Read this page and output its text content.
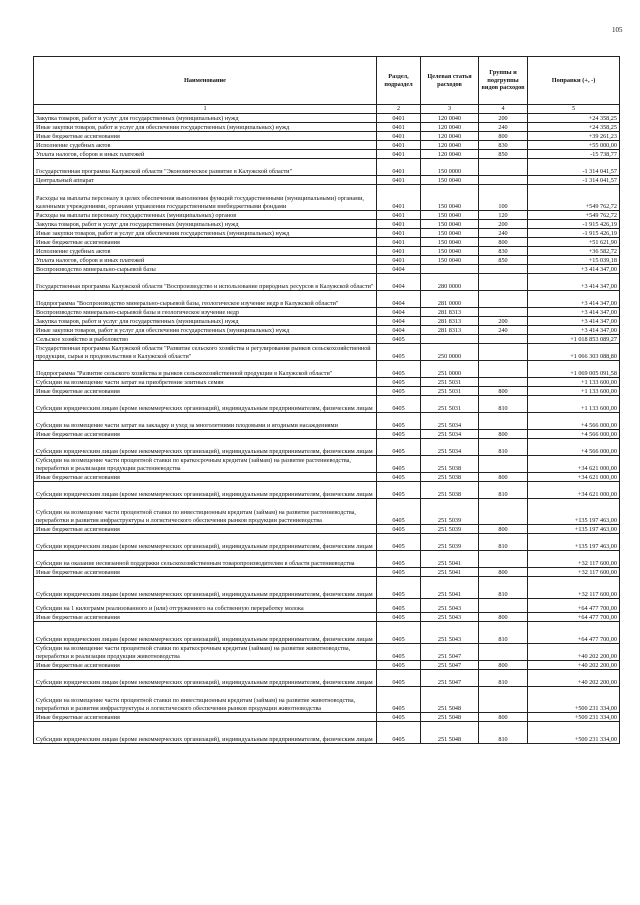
105
Наименование	Раздел, подраздел	Целевая статья расходов	Группы и подгруппы видов расходов	Поправки (+, -)
1	2	3	4	5
Закупка товаров, работ и услуг для государственных (муниципальных) нужд	0401	120 0040	200	+24 358,25
Иные закупки товаров, работ и услуг для обеспечения государственных (муниципальных) нужд	0401	120 0040	240	+24 358,25
Иные бюджетные ассигнования	0401	120 0040	800	+39 261,23
Исполнение судебных актов	0401	120 0040	830	+55 000,00
Уплата налогов, сборов и иных платежей	0401	120 0040	850	-15 738,77
Государственная программа Калужской области "Экономическое развитие в Калужской области"	0401	150 0000		-1 314 041,57
Центральный аппарат	0401	150 0040		-1 314 041,57
Расходы на выплаты персоналу в целях обеспечения выполнения функций государственными (муниципальными) органами, казенными учреждениями, органами управления государственными внебюджетными фондами	0401	150 0040	100	+549 762,72
Расходы на выплаты персоналу государственных (муниципальных) органов	0401	150 0040	120	+549 762,72
Закупка товаров, работ и услуг для государственных (муниципальных) нужд	0401	150 0040	200	-1 915 426,19
Иные закупки товаров, работ и услуг для обеспечения государственных (муниципальных) нужд	0401	150 0040	240	-1 915 426,19
Иные бюджетные ассигнования	0401	150 0040	800	+51 621,90
Исполнение судебных актов	0401	150 0040	830	+36 582,72
Уплата налогов, сборов и иных платежей	0401	150 0040	850	+15 039,18
Воспроизводство минерально-сырьевой базы	0404			+3 414 347,00
Государственная программа Калужской области "Воспроизводство и использование природных ресурсов в Калужской области"	0404	280 0000		+3 414 347,00
Подпрограмма "Воспроизводство минерально-сырьевой базы, геологическое изучение недр в Калужской области"	0404	281 0000		+3 414 347,00
Воспроизводство минерально-сырьевой базы и геологическое изучение недр	0404	281 8313		+3 414 347,00
Закупка товаров, работ и услуг для государственных (муниципальных) нужд	0404	281 8313	200	+3 414 347,00
Иные закупки товаров, работ и услуг для обеспечения государственных (муниципальных) нужд	0404	281 8313	240	+3 414 347,00
Сельское хозяйство и рыболовство	0405			+1 018 853 089,27
Государственная программа Калужской области "Развитие сельского хозяйства и регулирования рынков сельскохозяйственной продукции, сырья и продовольствия в Калужской области"	0405	250 0000		+1 066 303 088,80
Подпрограмма "Развитие сельского хозяйства и рынков сельскохозяйственной продукции в Калужской области"	0405	251 0000		+1 069 005 091,58
Субсидии на возмещение части затрат на приобретение элитных семян	0405	251 5031		+1 133 600,00
Иные бюджетные ассигнования	0405	251 5031	800	+1 133 600,00
Субсидии юридическим лицам (кроме некоммерческих организаций), индивидуальным предпринимателям, физическим лицам	0405	251 5031	810	+1 133 600,00
Субсидии на возмещение части затрат на закладку и уход за многолетними плодовыми и ягодными насаждениями	0405	251 5034		+4 566 000,00
Иные бюджетные ассигнования	0405	251 5034	800	+4 566 000,00
Субсидии юридическим лицам (кроме некоммерческих организаций), индивидуальным предпринимателям, физическим лицам	0405	251 5034	810	+4 566 000,00
Субсидии на возмещение части процентной ставки по краткосрочным кредитам (займам) на развитие растениеводства, переработки и реализации продукции растениеводства	0405	251 5038		+34 621 000,00
Иные бюджетные ассигнования	0405	251 5038	800	+34 621 000,00
Субсидии юридическим лицам (кроме некоммерческих организаций), индивидуальным предпринимателям, физическим лицам	0405	251 5038	810	+34 621 000,00
Субсидии на возмещение части процентной ставки по инвестиционным кредитам (займам) на развитие растениеводства, переработки и развития инфраструктуры и логистического обеспечения рынков продукции растениеводства	0405	251 5039		+135 197 463,00
Иные бюджетные ассигнования	0405	251 5039	800	+135 197 463,00
Субсидии юридическим лицам (кроме некоммерческих организаций), индивидуальным предпринимателям, физическим лицам	0405	251 5039	810	+135 197 463,00
Субсидии на оказание несвязанной поддержки сельскохозяйственным товаропроизводителям в области растениеводства	0405	251 5041		+32 117 600,00
Иные бюджетные ассигнования	0405	251 5041	800	+32 117 600,00
Субсидии юридическим лицам (кроме некоммерческих организаций), индивидуальным предпринимателям, физическим лицам	0405	251 5041	810	+32 117 600,00
Субсидии на 1 килограмм реализованного и (или) отгруженного на собственную переработку молока	0405	251 5043		+64 477 700,00
Иные бюджетные ассигнования	0405	251 5043	800	+64 477 700,00
Субсидии юридическим лицам (кроме некоммерческих организаций), индивидуальным предпринимателям, физическим лицам	0405	251 5043	810	+64 477 700,00
Субсидии на возмещение части процентной ставки по краткосрочным кредитам (займам) на развитие животноводства, переработки и реализации продукции животноводства	0405	251 5047		+40 202 200,00
Иные бюджетные ассигнования	0405	251 5047	800	+40 202 200,00
Субсидии юридическим лицам (кроме некоммерческих организаций), индивидуальным предпринимателям, физическим лицам	0405	251 5047	810	+40 202 200,00
Субсидии на возмещение части процентной ставки по инвестиционным кредитам (займам) на развитие животноводства, переработки и развития инфраструктуры и логистического обеспечения рынков продукции животноводства	0405	251 5048		+500 231 334,00
Иные бюджетные ассигнования	0405	251 5048	800	+500 231 334,00
Субсидии юридическим лицам (кроме некоммерческих организаций), индивидуальным предпринимателям, физическим лицам	0405	251 5048	810	+500 231 334,00
